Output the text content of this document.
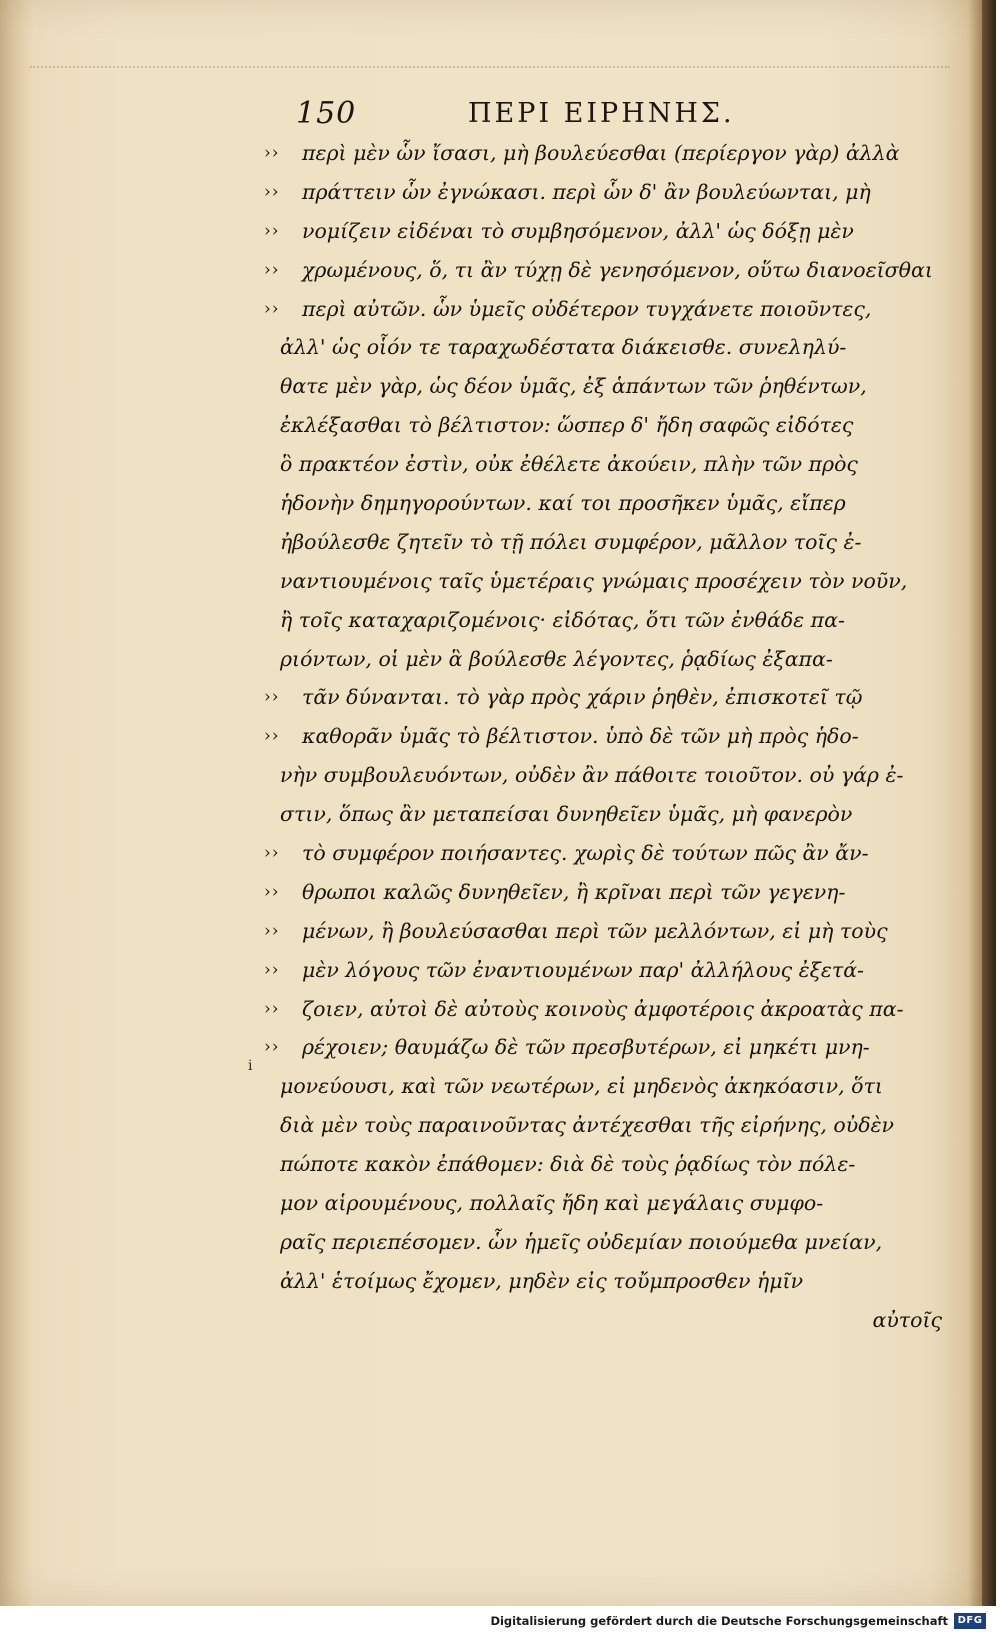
150	ΠΕΡΙ ΕΙΡΗΝΗΣ.
››	περὶ μὲν ὧν ἴσασι, μὴ βουλεύεσθαι (περίεργον γὰρ) ἀλλὰ
››	πράττειν ὧν ἐγνώκασι. περὶ ὧν δ' ἂν βουλεύωνται, μὴ
››	νομίζειν εἰδέναι τὸ συμβησόμενον, ἀλλ' ὡς δόξῃ μὲν
››	χρωμένους, ὅ, τι ἂν τύχῃ δὲ γενησόμενον, οὕτω διανοεῖσθαι
››	περὶ αὐτῶν. ὧν ὑμεῖς οὐδέτερον τυγχάνετε ποιοῦντες,
ἀλλ' ὡς οἷόν τε ταραχωδέστατα διάκεισθε. συνεληλύ-
θατε μὲν γὰρ, ὡς δέον ὑμᾶς, ἐξ ἁπάντων τῶν ῥηθέντων,
ἐκλέξασθαι τὸ βέλτιστον: ὥσπερ δ' ἤδη σαφῶς εἰδότες
ὃ πρακτέον ἐστὶν, οὐκ ἐθέλετε ἀκούειν, πλὴν τῶν πρὸς
ἡδονὴν δημηγορούντων. καί τοι προσῆκεν ὑμᾶς, εἴπερ
ἠβούλεσθε ζητεῖν τὸ τῇ πόλει συμφέρον, μᾶλλον τοῖς ἐ-
ναντιουμένοις ταῖς ὑμετέραις γνώμαις προσέχειν τὸν νοῦν,
ἢ τοῖς καταχαριζομένοις· εἰδότας, ὅτι τῶν ἐνθάδε πα-
ριόντων, οἱ μὲν ἃ βούλεσθε λέγοντες, ῥᾳδίως ἐξαπα-
››	τᾶν δύνανται. τὸ γὰρ πρὸς χάριν ῥηθὲν, ἐπισκοτεῖ τῷ
››	καθορᾶν ὑμᾶς τὸ βέλτιστον. ὑπὸ δὲ τῶν μὴ πρὸς ἡδο-
νὴν συμβουλευόντων, οὐδὲν ἂν πάθοιτε τοιοῦτον. οὐ γάρ ἐ-
στιν, ὅπως ἂν μεταπείσαι δυνηθεῖεν ὑμᾶς, μὴ φανερὸν
››	τὸ συμφέρον ποιήσαντες. χωρὶς δὲ τούτων πῶς ἂν ἄν-
››	θρωποι καλῶς δυνηθεῖεν, ἢ κρῖναι περὶ τῶν γεγενη-
››	μένων, ἢ βουλεύσασθαι περὶ τῶν μελλόντων, εἰ μὴ τοὺς
››	μὲν λόγους τῶν ἐναντιουμένων παρ' ἀλλήλους ἐξετά-
››	ζοιεν, αὐτοὶ δὲ αὐτοὺς κοινοὺς ἀμφοτέροις ἀκροατὰς πα-
››	ρέχοιεν; θαυμάζω δὲ τῶν πρεσβυτέρων, εἰ μηκέτι μνη-
μονεύουσι, καὶ τῶν νεωτέρων, εἰ μηδενὸς ἀκηκόασιν, ὅτι
διὰ μὲν τοὺς παραινοῦντας ἀντέχεσθαι τῆς εἰρήνης, οὐδὲν
πώποτε κακὸν ἐπάθομεν: διὰ δὲ τοὺς ῥᾳδίως τὸν πόλε-
μον αἱρουμένους, πολλαῖς ἤδη καὶ μεγάλαις συμφο-
ραῖς περιεπέσομεν. ὧν ἡμεῖς οὐδεμίαν ποιούμεθα μνείαν,
ἀλλ' ἑτοίμως ἔχομεν, μηδὲν εἰς τοὔμπροσθεν ἡμῖν
αὐτοῖς
i
Digitalisierung gefördert durch die Deutsche Forschungsgemeinschaft DFG
